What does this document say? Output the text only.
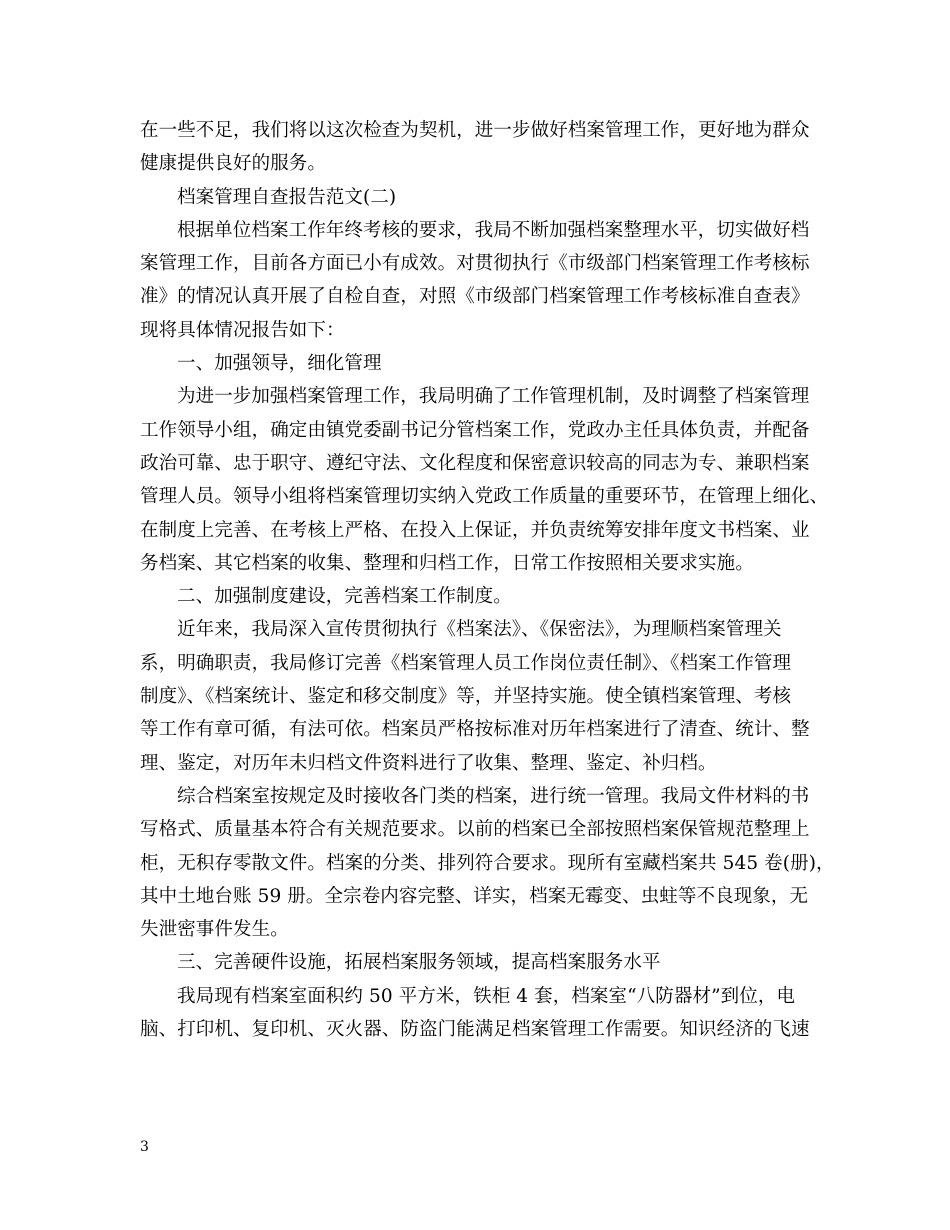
在一些不足，我们将以这次检查为契机，进一步做好档案管理工作，更好地为群众
健康提供良好的服务。
档案管理自查报告范文(二)
根据单位档案工作年终考核的要求，我局不断加强档案整理水平，切实做好档
案管理工作，目前各方面已小有成效。对贯彻执行《市级部门档案管理工作考核标
准》的情况认真开展了自检自查，对照《市级部门档案管理工作考核标准自查表》
现将具体情况报告如下：
一、加强领导，细化管理
为进一步加强档案管理工作，我局明确了工作管理机制，及时调整了档案管理
工作领导小组，确定由镇党委副书记分管档案工作，党政办主任具体负责，并配备
政治可靠、忠于职守、遵纪守法、文化程度和保密意识较高的同志为专、兼职档案
管理人员。领导小组将档案管理切实纳入党政工作质量的重要环节，在管理上细化、
在制度上完善、在考核上严格、在投入上保证，并负责统筹安排年度文书档案、业
务档案、其它档案的收集、整理和归档工作，日常工作按照相关要求实施。
二、加强制度建设，完善档案工作制度。
近年来，我局深入宣传贯彻执行《档案法》、《保密法》，为理顺档案管理关
系，明确职责，我局修订完善《档案管理人员工作岗位责任制》、《档案工作管理
制度》、《档案统计、鉴定和移交制度》等，并坚持实施。使全镇档案管理、考核
等工作有章可循，有法可依。档案员严格按标准对历年档案进行了清查、统计、整
理、鉴定，对历年未归档文件资料进行了收集、整理、鉴定、补归档。
综合档案室按规定及时接收各门类的档案，进行统一管理。我局文件材料的书
写格式、质量基本符合有关规范要求。以前的档案已全部按照档案保管规范整理上
柜，无积存零散文件。档案的分类、排列符合要求。现所有室藏档案共 545 卷(册)，
其中土地台账 59 册。全宗卷内容完整、详实，档案无霉变、虫蛀等不良现象，无
失泄密事件发生。
三、完善硬件设施，拓展档案服务领域，提高档案服务水平
我局现有档案室面积约 50 平方米，铁柜 4 套，档案室“八防器材”到位，电
脑、打印机、复印机、灭火器、防盗门能满足档案管理工作需要。知识经济的飞速
3
